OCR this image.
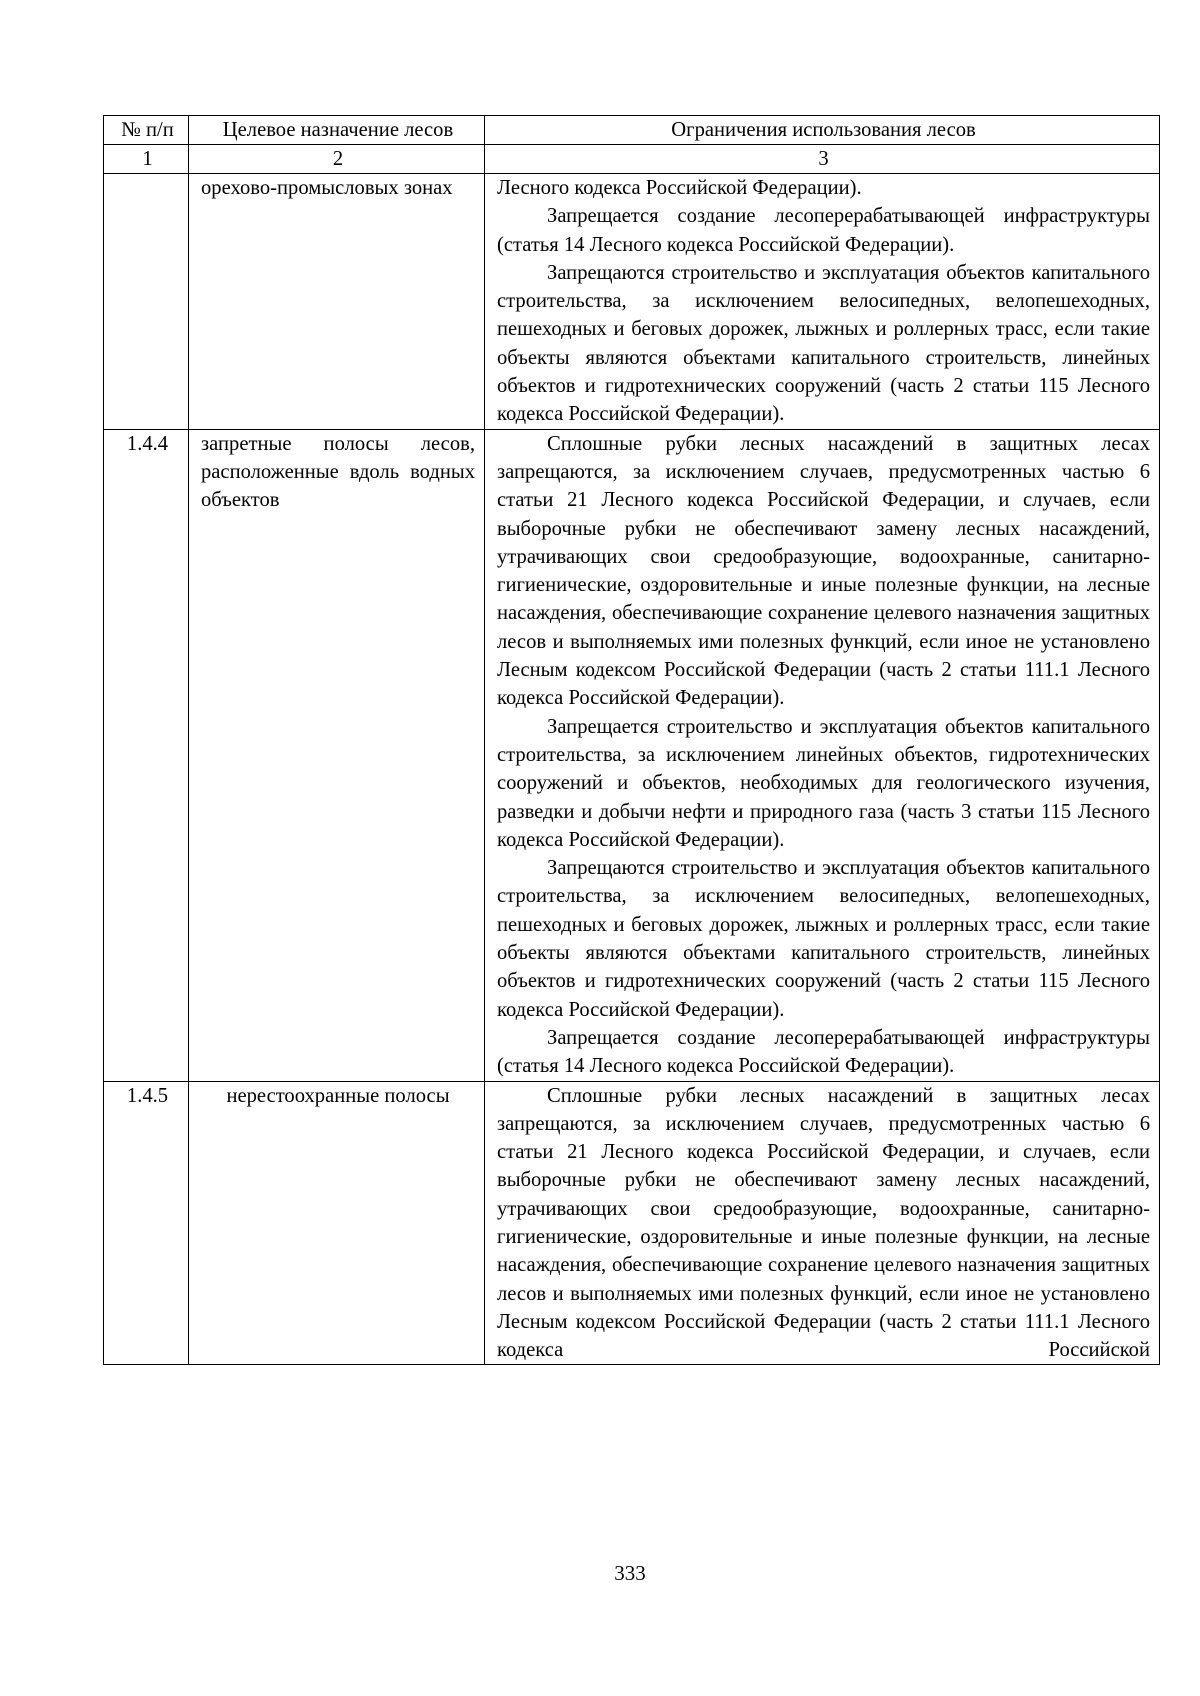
№ п/п	Целевое назначение лесов	Ограничения использования лесов
1	2	3
	орехово-промысловых зонах	Лесного кодекса Российской Федерации).

Запрещается создание лесоперерабатывающей инфраструктуры (статья 14 Лесного кодекса Российской Федерации).

Запрещаются строительство и эксплуатация объектов капитального строительства, за исключением велосипедных, велопешеходных, пешеходных и беговых дорожек, лыжных и роллерных трасс, если такие объекты являются объектами капитального строительств, линейных объектов и гидротехнических сооружений (часть 2 статьи 115 Лесного кодекса Российской Федерации).

1.4.4	запретные полосы лесов, расположенные вдоль водных объектов	Сплошные рубки лесных насаждений в защитных лесах запрещаются, за исключением случаев, предусмотренных частью 6 статьи 21 Лесного кодекса Российской Федерации, и случаев, если выборочные рубки не обеспечивают замену лесных насаждений, утрачивающих свои средообразующие, водоохранные, санитарно-гигиенические, оздоровительные и иные полезные функции, на лесные насаждения, обеспечивающие сохранение целевого назначения защитных лесов и выполняемых ими полезных функций, если иное не установлено Лесным кодексом Российской Федерации (часть 2 статьи 111.1 Лесного кодекса Российской Федерации).

Запрещается строительство и эксплуатация объектов капитального строительства, за исключением линейных объектов, гидротехнических сооружений и объектов, необходимых для геологического изучения, разведки и добычи нефти и природного газа (часть 3 статьи 115 Лесного кодекса Российской Федерации).

Запрещаются строительство и эксплуатация объектов капитального строительства, за исключением велосипедных, велопешеходных, пешеходных и беговых дорожек, лыжных и роллерных трасс, если такие объекты являются объектами капитального строительств, линейных объектов и гидротехнических сооружений (часть 2 статьи 115 Лесного кодекса Российской Федерации).

Запрещается создание лесоперерабатывающей инфраструктуры (статья 14 Лесного кодекса Российской Федерации).

1.4.5	нерестоохранные полосы	Сплошные рубки лесных насаждений в защитных лесах запрещаются, за исключением случаев, предусмотренных частью 6 статьи 21 Лесного кодекса Российской Федерации, и случаев, если выборочные рубки не обеспечивают замену лесных насаждений, утрачивающих свои средообразующие, водоохранные, санитарно-гигиенические, оздоровительные и иные полезные функции, на лесные насаждения, обеспечивающие сохранение целевого назначения защитных лесов и выполняемых ими полезных функций, если иное не установлено Лесным кодексом Российской Федерации (часть 2 статьи 111.1 Лесного кодекса Российской

333
